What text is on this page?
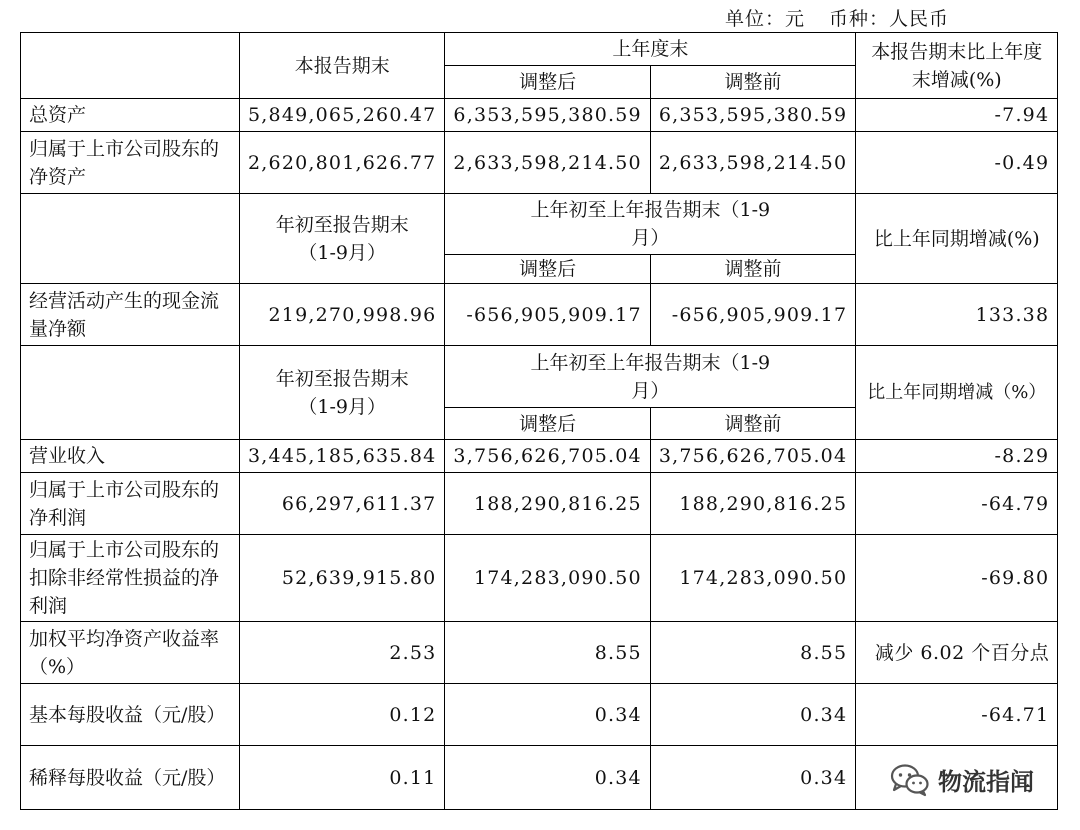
单位：元 币种：人民币
	本报告期末	上年度末		本报告期末比上年度末增减(%)
		调整后	调整前	
总资产	5,849,065,260.47	6,353,595,380.59	6,353,595,380.59	-7.94
归属于上市公司股东的净资产	2,620,801,626.77	2,633,598,214.50	2,633,598,214.50	-0.49
	年初至报告期末（1-9月）	上年初至上年报告期末（1-9月）		比上年同期增减(%)
		调整后	调整前	
经营活动产生的现金流量净额	219,270,998.96	-656,905,909.17	-656,905,909.17	133.38
	年初至报告期末（1-9月）	上年初至上年报告期末（1-9月）		比上年同期增减（%）
		调整后	调整前	
营业收入	3,445,185,635.84	3,756,626,705.04	3,756,626,705.04	-8.29
归属于上市公司股东的净利润	66,297,611.37	188,290,816.25	188,290,816.25	-64.79
归属于上市公司股东的扣除非经常性损益的净利润	52,639,915.80	174,283,090.50	174,283,090.50	-69.80
加权平均净资产收益率（%）	2.53	8.55	8.55	减少 6.02 个百分点
基本每股收益（元/股）	0.12	0.34	0.34	-64.71
稀释每股收益（元/股）	0.11	0.34	0.34		物流指闻
